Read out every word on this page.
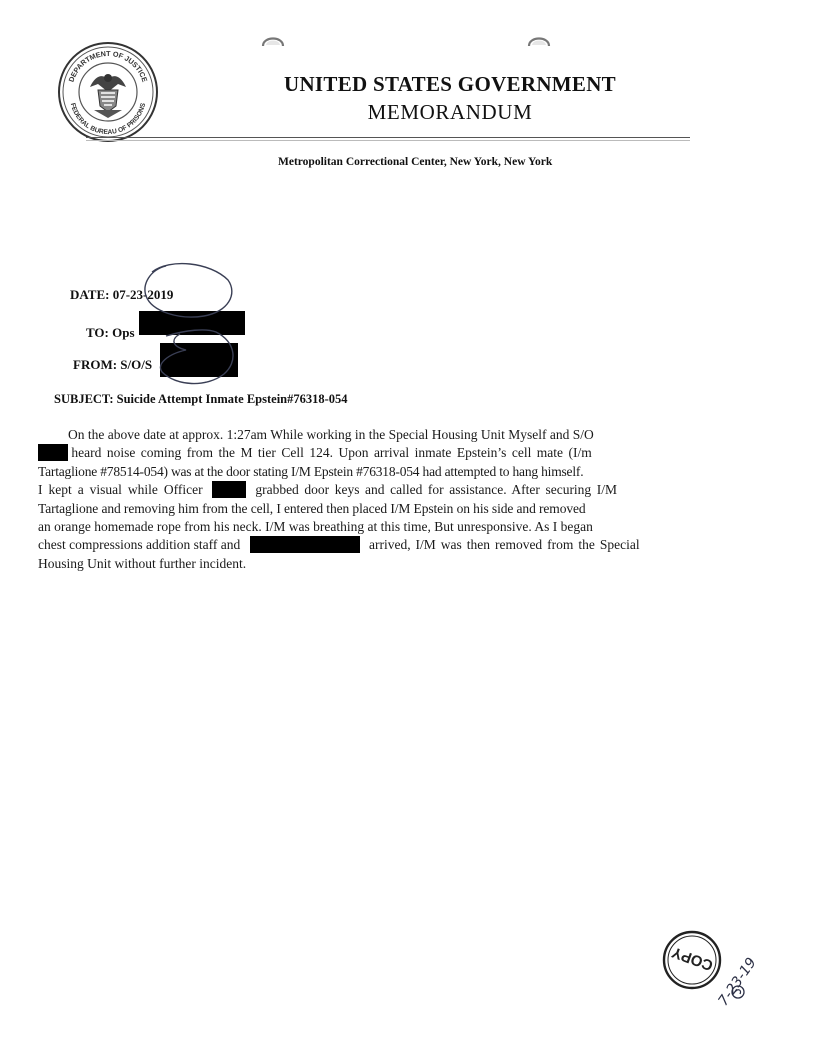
DEPARTMENT OF JUSTICE
FEDERAL BUREAU OF PRISONS
UNITED STATES GOVERNMENT
MEMORANDUM
Metropolitan Correctional Center, New York, New York
DATE: 07-23-2019
TO: Ops
FROM: S/O/S
SUBJECT: Suicide Attempt Inmate Epstein#76318-054
On the above date at approx. 1:27am While working in the Special Housing Unit Myself and S/O
heard noise coming from the M tier Cell 124. Upon arrival inmate Epstein’s cell mate (I/m
Tartaglione #78514-054) was at the door stating I/M Epstein #76318-054 had attempted to hang himself.
I kept a visual while Officer	grabbed door keys and called for assistance. After securing I/M
Tartaglione and removing him from the cell, I entered then placed I/M Epstein on his side and removed
an orange homemade rope from his neck. I/M was breathing at this time, But unresponsive. As I began
chest compressions addition staff and	arrived, I/M was then removed from the Special
Housing Unit without further incident.
COPY 7-23-19
